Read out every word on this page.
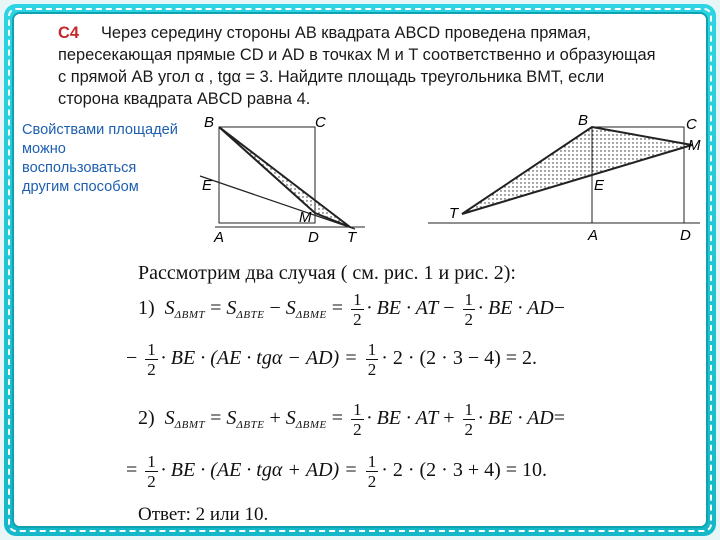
С4 Через середину стороны AB квадрата ABCD проведена прямая, пересекающая прямые CD и AD в точках M и T соответственно и образующая с прямой AB угол α , tgα = 3. Найдите площадь треугольника BMT, если сторона квадрата ABCD равна 4.
Свойствами площадей можно воспользоваться другим способом
B	C
E
M
A	D T
B	C
M
E
T
A	D
Рассмотрим два случая ( см. рис. 1 и рис. 2):
1) $S_{\Delta BMT} = S_{\Delta BTE} - S_{\Delta BME} = \frac{1}{2}$ · BE · AT − $\frac{1}{2}$ · BE · AD−
− $\frac{1}{2}$ · BE · $(AE \cdot tg\alpha - AD) = \frac{1}{2} \cdot 2 \cdot (2 \cdot 3 - 4) = 2$.
2) $S_{\Delta BMT} = S_{\Delta BTE} + S_{\Delta BME} = \frac{1}{2}$ · BE · AT + $\frac{1}{2}$ · BE · AD=
= $\frac{1}{2}$ · BE · $(AE \cdot tg\alpha + AD) = \frac{1}{2} \cdot 2 \cdot (2 \cdot 3 + 4) = 10$.
Ответ: 2 или 10.
